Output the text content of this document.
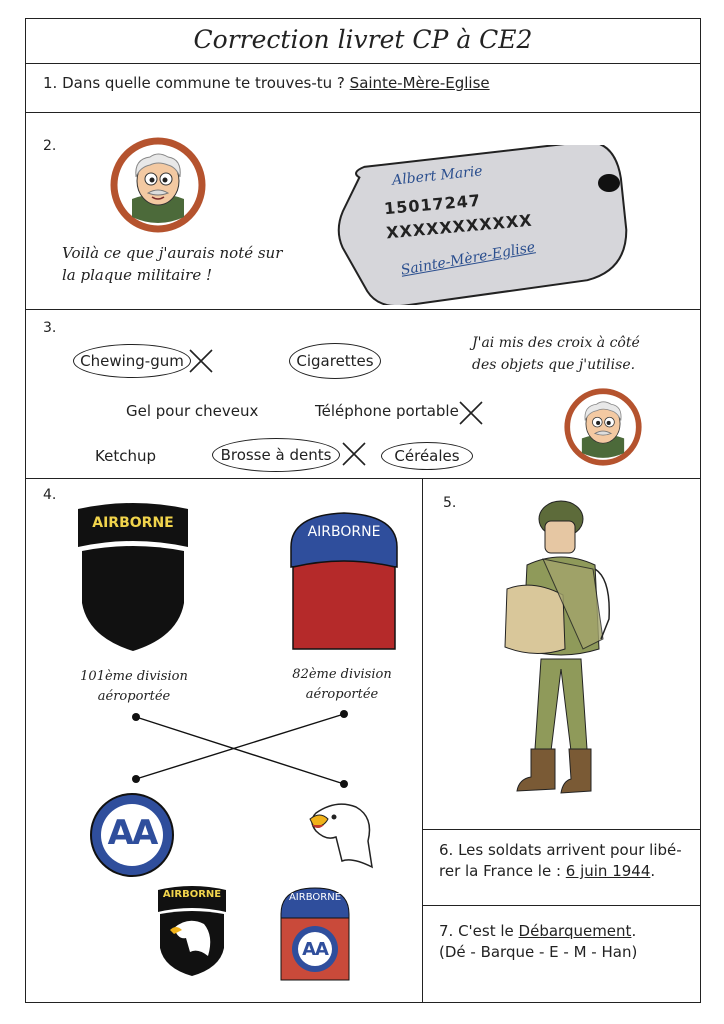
Correction livret CP à CE2
1. Dans quelle commune te trouves-tu ? Sainte-Mère-Eglise
2.
Voilà ce que j'aurais noté sur
la plaque militaire !
Albert Marie
15017247
XXXXXXXXXXX
Sainte-Mère-Eglise
3.
Chewing-gum	Cigarettes
J'ai mis des croix à côté
des objets que j'utilise.
Gel pour cheveux	Téléphone portable
Ketchup	Brosse à dents	Céréales
4.
AIRBORNE
AIRBORNE
101ème division
aéroportée
82ème division
aéroportée
AA
AIRBORNE	AIRBORNE
AA
5.
6. Les soldats arrivent pour libé-rer la France le : 6 juin 1944.
7. C'est le Débarquement.
(Dé - Barque - E - M - Han)
